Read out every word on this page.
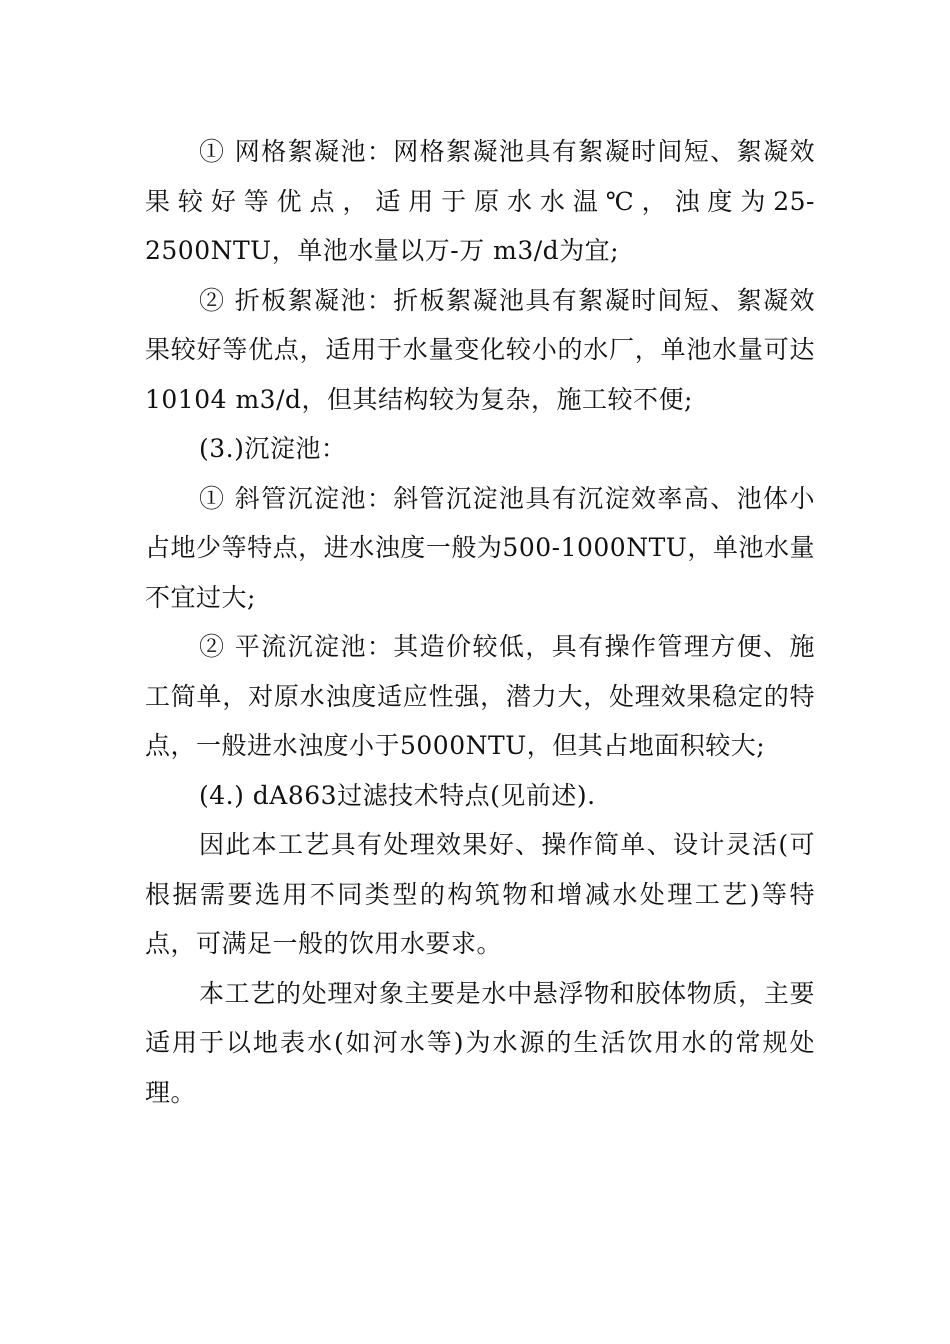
① 网格絮凝池：网格絮凝池具有絮凝时间短、絮凝效果较好等优点，适用于原水水温℃，浊度为25-2500NTU，单池水量以万-万 m3/d为宜;

② 折板絮凝池：折板絮凝池具有絮凝时间短、絮凝效果较好等优点，适用于水量变化较小的水厂，单池水量可达10104 m3/d，但其结构较为复杂，施工较不便;

(3.)沉淀池：

① 斜管沉淀池：斜管沉淀池具有沉淀效率高、池体小占地少等特点，进水浊度一般为500-1000NTU，单池水量不宜过大;

② 平流沉淀池：其造价较低，具有操作管理方便、施工简单，对原水浊度适应性强，潜力大，处理效果稳定的特点，一般进水浊度小于5000NTU，但其占地面积较大;

(4.) dA863过滤技术特点(见前述).

因此本工艺具有处理效果好、操作简单、设计灵活(可根据需要选用不同类型的构筑物和增减水处理工艺)等特点，可满足一般的饮用水要求。

本工艺的处理对象主要是水中悬浮物和胶体物质，主要适用于以地表水(如河水等)为水源的生活饮用水的常规处理。
